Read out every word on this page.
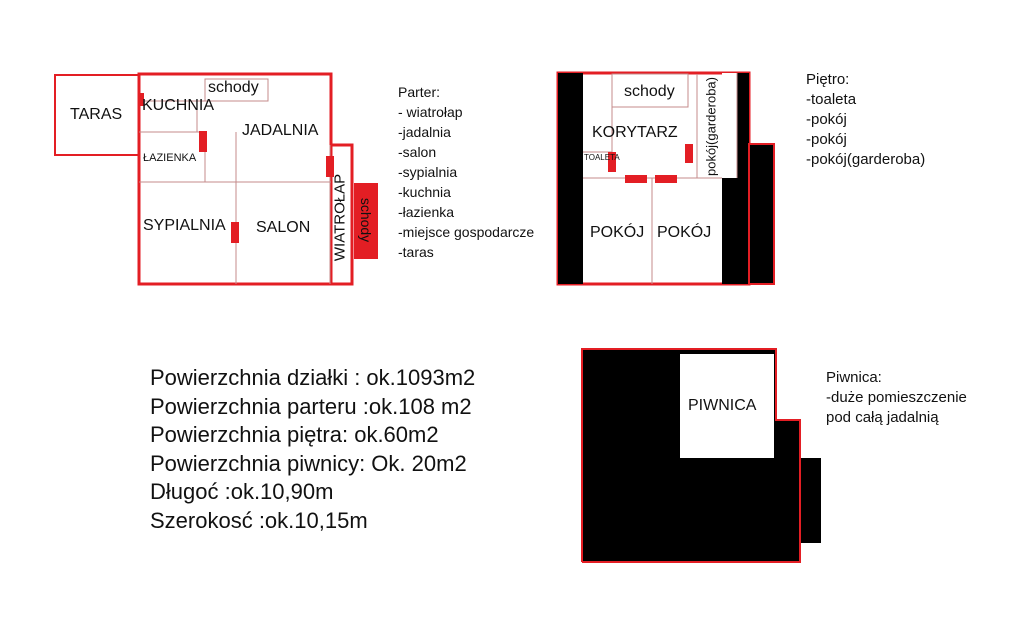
TARAS
KUCHNIA
schody
JADALNIA
ŁAZIENKA
SYPIALNIA SALON WIATROŁAP schody
Parter:
- wiatrołap
-jadalnia
-salon
-sypialnia
-kuchnia
-łazienka
-miejsce gospodarcze
-taras
schody
KORYTARZ
TOALETA	pokój(garderoba)
POKÓJ POKÓJ
Piętro:
-toaleta
-pokój
-pokój
-pokój(garderoba)
PIWNICA
Piwnica:
-duże pomieszczenie
pod całą jadalnią
Powierzchnia działki : ok.1093m2
Powierzchnia parteru :ok.108 m2
Powierzchnia piętra: ok.60m2
Powierzchnia piwnicy: Ok. 20m2
Długoć :ok.10,90m
Szerokosć :ok.10,15m
